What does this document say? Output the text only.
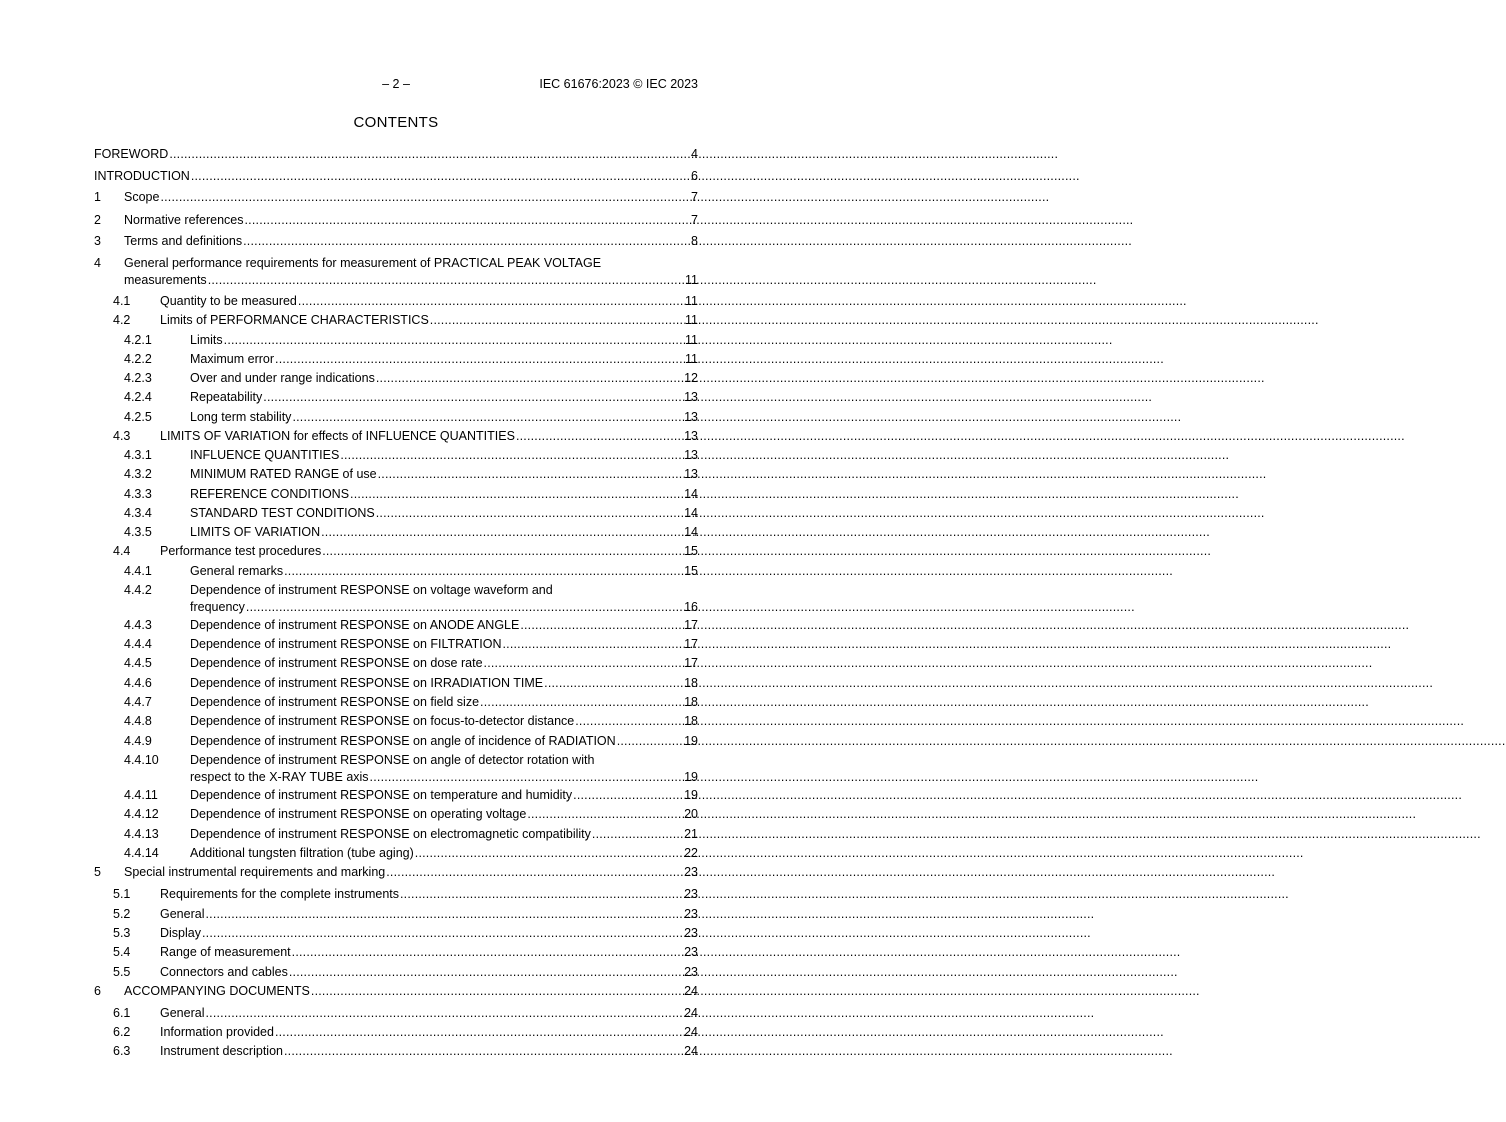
– 2 –	IEC 61676:2023 © IEC 2023
CONTENTS
FOREWORD .....	4
INTRODUCTION .....	6
1 Scope .....	7
2 Normative references .....	7
3 Terms and definitions .....	8
4 General performance requirements for measurement of PRACTICAL PEAK VOLTAGE
measurements .....	11
4.1 Quantity to be measured .....	11
4.2 Limits of PERFORMANCE CHARACTERISTICS .....	11
4.2.1	Limits .....	11
4.2.2	Maximum error .....	11
4.2.3	Over and under range indications .....	12
4.2.4	Repeatability .....	13
4.2.5	Long term stability .....	13
4.3 LIMITS OF VARIATION for effects of INFLUENCE QUANTITIES .....	13
4.3.1	INFLUENCE QUANTITIES .....	13
4.3.2	MINIMUM RATED RANGE of use .....	13
4.3.3	REFERENCE CONDITIONS .....	14
4.3.4	STANDARD TEST CONDITIONS .....	14
4.3.5	LIMITS OF VARIATION .....	14
4.4 Performance test procedures .....	15
4.4.1	General remarks .....	15
4.4.2	Dependence of instrument RESPONSE on voltage waveform and
frequency .....	16
4.4.3	Dependence of instrument RESPONSE on ANODE ANGLE .....	17
4.4.4	Dependence of instrument RESPONSE on FILTRATION .....	17
4.4.5	Dependence of instrument RESPONSE on dose rate .....	17
4.4.6	Dependence of instrument RESPONSE on IRRADIATION TIME .....	18
4.4.7	Dependence of instrument RESPONSE on field size .....	18
4.4.8	Dependence of instrument RESPONSE on focus-to-detector distance .....	18
4.4.9	Dependence of instrument RESPONSE on angle of incidence of RADIATION .....	19
4.4.10 Dependence of instrument RESPONSE on angle of detector rotation with
respect to the X-RAY TUBE axis .....	19
4.4.11	Dependence of instrument RESPONSE on temperature and humidity .....	19
4.4.12 Dependence of instrument RESPONSE on operating voltage .....	20
4.4.13 Dependence of instrument RESPONSE on electromagnetic compatibility .....	21
4.4.14 Additional tungsten filtration (tube aging) .....	22
5 Special instrumental requirements and marking .....	23
5.1 Requirements for the complete instruments .....	23
5.2 General .....	23
5.3 Display .....	23
5.4 Range of measurement .....	23
5.5 Connectors and cables .....	23
6 ACCOMPANYING DOCUMENTS .....	24
6.1 General .....	24
6.2 Information provided .....	24
6.3 Instrument description .....	24
